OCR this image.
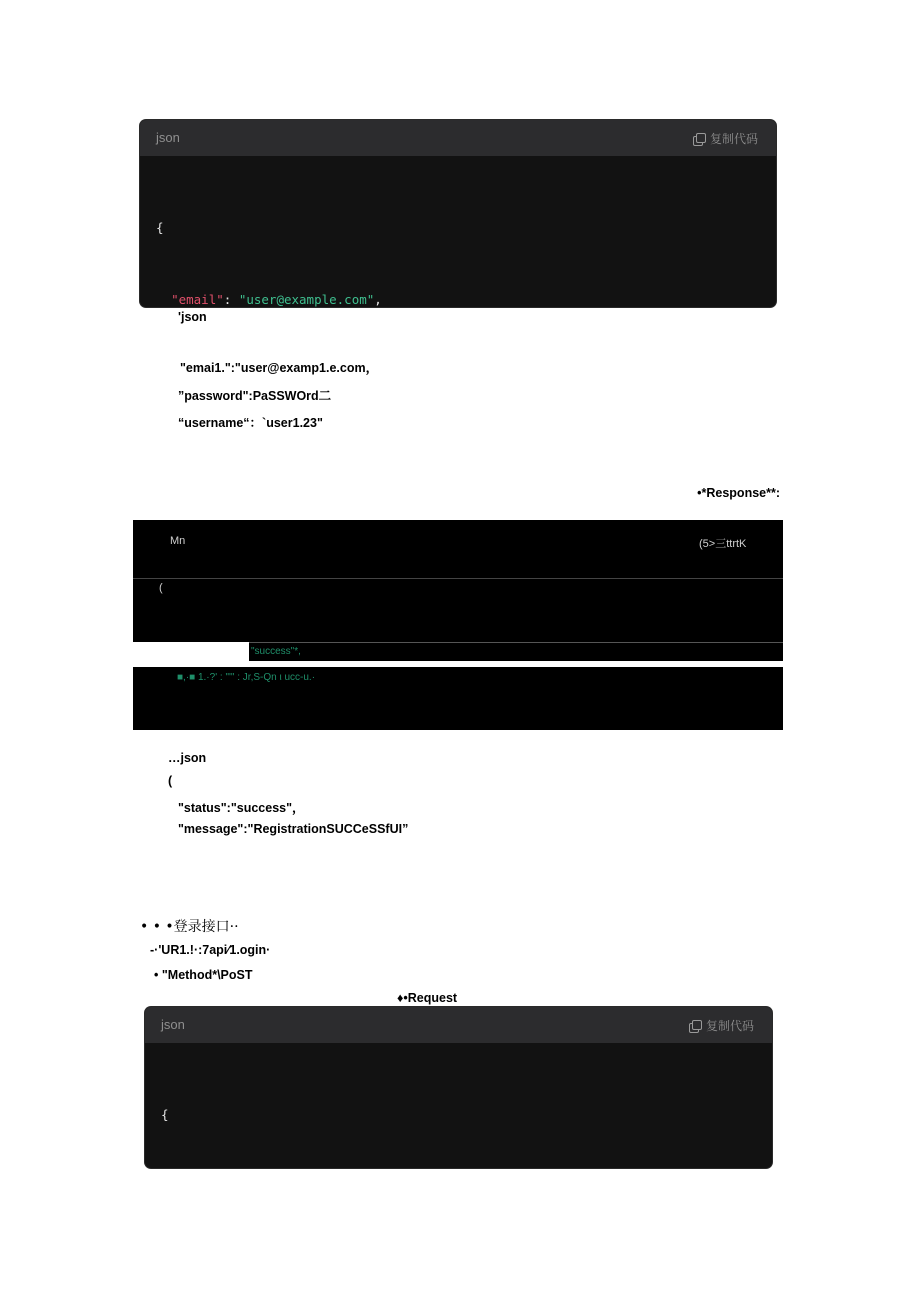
json	复制代码

{

"email": "user@example.com",

'json
"emai1.":"user@examp1.e.com，
”password":PaSSWOrd二
“username“：`user1.23"
•*Response**:
Mn	(5>三ttrtK
(
"success"*,
■,·■ 1.·?' : "'" : Jr,S-Qn ι ucc-u.·
…json
(
"status":"success"，
"message":"RegistrationSUCCeSSfUI”
• • •登录接口··
-·'UR1.!·:7api⁄1.ogin·
• "Method*\PoST
♦•Request
json	复制代码

{
